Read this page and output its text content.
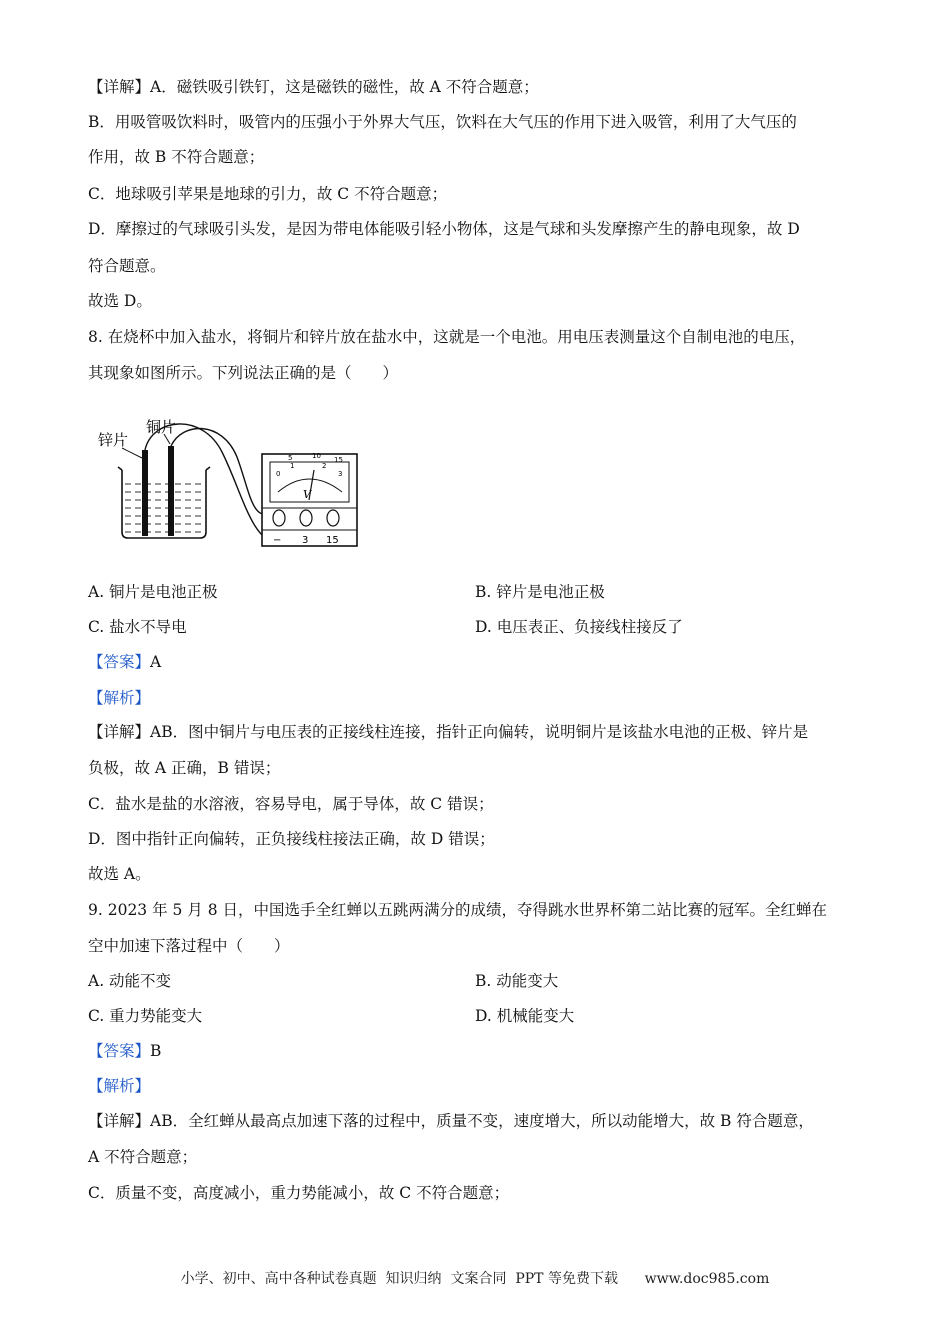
【详解】A．磁铁吸引铁钉，这是磁铁的磁性，故 A 不符合题意；
B．用吸管吸饮料时，吸管内的压强小于外界大气压，饮料在大气压的作用下进入吸管，利用了大气压的
作用，故 B 不符合题意；
C．地球吸引苹果是地球的引力，故 C 不符合题意；
D．摩擦过的气球吸引头发，是因为带电体能吸引轻小物体，这是气球和头发摩擦产生的静电现象，故 D
符合题意。
故选 D。
8. 在烧杯中加入盐水，将铜片和锌片放在盐水中，这就是一个电池。用电压表测量这个自制电池的电压，
其现象如图所示。下列说法正确的是（　　）
锌片
铜片
0
1	2
3
5	10 15
V
− 3 15
A. 铜片是电池正极	B. 锌片是电池正极
C. 盐水不导电	D. 电压表正、负接线柱接反了
【答案】A
【解析】
【详解】AB．图中铜片与电压表的正接线柱连接，指针正向偏转，说明铜片是该盐水电池的正极、锌片是
负极，故 A 正确，B 错误；
C．盐水是盐的水溶液，容易导电，属于导体，故 C 错误；
D．图中指针正向偏转，正负接线柱接法正确，故 D 错误；
故选 A。
9. 2023 年 5 月 8 日，中国选手全红蝉以五跳两满分的成绩，夺得跳水世界杯第二站比赛的冠军。全红蝉在
空中加速下落过程中（　　）
A. 动能不变	B. 动能变大
C. 重力势能变大	D. 机械能变大
【答案】B
【解析】
【详解】AB．全红蝉从最高点加速下落的过程中，质量不变，速度增大，所以动能增大，故 B 符合题意，
A 不符合题意；
C．质量不变，高度减小，重力势能减小，故 C 不符合题意；
小学、初中、高中各种试卷真题  知识归纳  文案合同  PPT 等免费下载      www.doc985.com
